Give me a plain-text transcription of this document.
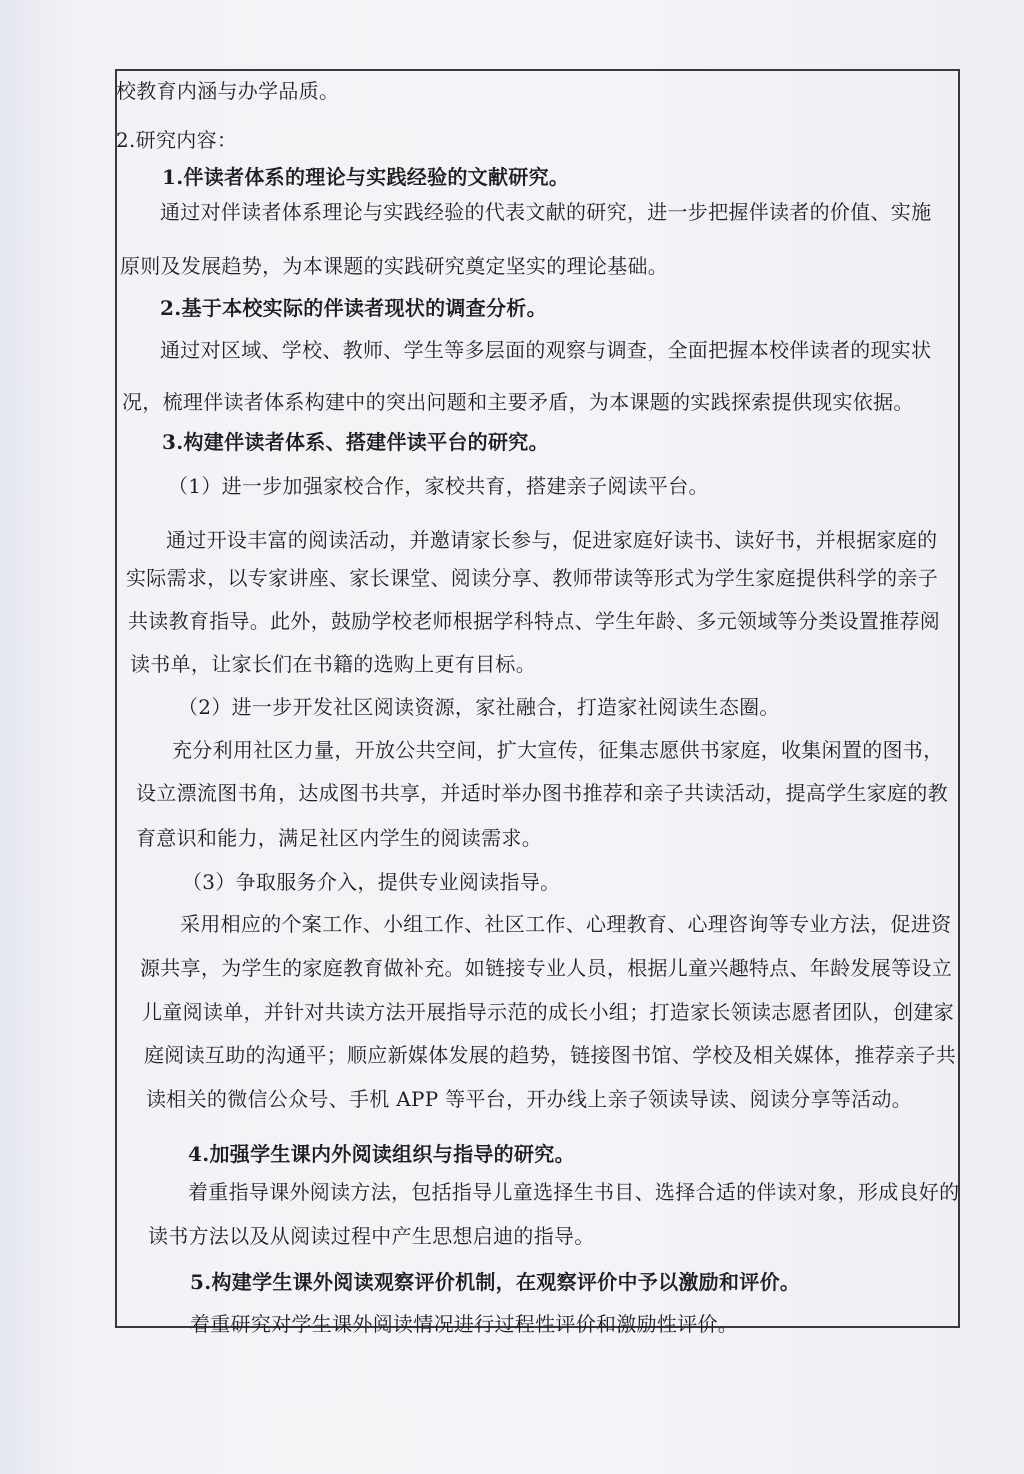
校教育内涵与办学品质。

2.研究内容：

1.伴读者体系的理论与实践经验的文献研究。

通过对伴读者体系理论与实践经验的代表文献的研究，进一步把握伴读者的价值、实施

原则及发展趋势，为本课题的实践研究奠定坚实的理论基础。

2.基于本校实际的伴读者现状的调查分析。

通过对区域、学校、教师、学生等多层面的观察与调查，全面把握本校伴读者的现实状

况，梳理伴读者体系构建中的突出问题和主要矛盾，为本课题的实践探索提供现实依据。

3.构建伴读者体系、搭建伴读平台的研究。

（1）进一步加强家校合作，家校共育，搭建亲子阅读平台。

通过开设丰富的阅读活动，并邀请家长参与，促进家庭好读书、读好书，并根据家庭的

实际需求，以专家讲座、家长课堂、阅读分享、教师带读等形式为学生家庭提供科学的亲子

共读教育指导。此外，鼓励学校老师根据学科特点、学生年龄、多元领域等分类设置推荐阅

读书单，让家长们在书籍的选购上更有目标。

（2）进一步开发社区阅读资源，家社融合，打造家社阅读生态圈。

充分利用社区力量，开放公共空间，扩大宣传，征集志愿供书家庭，收集闲置的图书，

设立漂流图书角，达成图书共享，并适时举办图书推荐和亲子共读活动，提高学生家庭的教

育意识和能力，满足社区内学生的阅读需求。

（3）争取服务介入，提供专业阅读指导。

采用相应的个案工作、小组工作、社区工作、心理教育、心理咨询等专业方法，促进资

源共享，为学生的家庭教育做补充。如链接专业人员，根据儿童兴趣特点、年龄发展等设立

儿童阅读单，并针对共读方法开展指导示范的成长小组；打造家长领读志愿者团队，创建家

庭阅读互助的沟通平；顺应新媒体发展的趋势，链接图书馆、学校及相关媒体，推荐亲子共

读相关的微信公众号、手机 APP 等平台，开办线上亲子领读导读、阅读分享等活动。

4.加强学生课内外阅读组织与指导的研究。

着重指导课外阅读方法，包括指导儿童选择生书目、选择合适的伴读对象，形成良好的

读书方法以及从阅读过程中产生思想启迪的指导。

5.构建学生课外阅读观察评价机制，在观察评价中予以激励和评价。

着重研究对学生课外阅读情况进行过程性评价和激励性评价。
